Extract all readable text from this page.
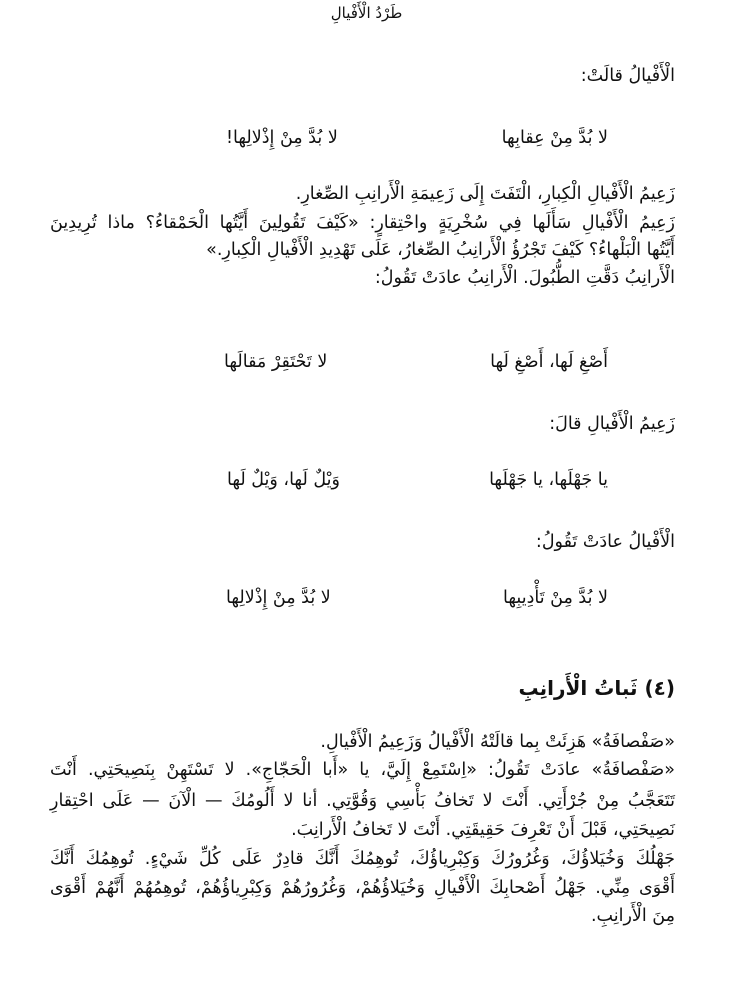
طَرْدُ الْأَفْيالِ
الْأَفْيالُ قالَتْ:
لا بُدَّ مِنْ عِقابِها
لا بُدَّ مِنْ إِذْلالِها!
زَعِيمُ الْأَفْيالِ الْكِبارِ، الْتَفَتَ إِلَى زَعِيمَةِ الْأَرانِبِ الصِّغارِ.
زَعِيمُ الْأَفْيالِ سَأَلَها فِي سُخْرِيَةٍ واحْتِقارٍ: «كَيْفَ تَقُولِينَ أَيَّتُها الْحَمْقاءُ؟ ماذا تُرِيدِينَ
أَيَّتُها الْبَلْهاءُ؟ كَيْفَ تَجْرُؤُ الْأَرانِبُ الصِّغارُ، عَلَى تَهْدِيدِ الْأَفْيالِ الْكِبارِ.»
الْأَرانِبُ دَقَّتِ الطُّبُولَ. الْأَرانِبُ عادَتْ تَقُولُ:
أَصْغِ لَها، أَصْغِ لَها
لا تَحْتَقِرْ مَقالَها
زَعِيمُ الْأَفْيالِ قالَ:
يا جَهْلَها، يا جَهْلَها
وَيْلٌ لَها، وَيْلٌ لَها
الْأَفْيالُ عادَتْ تَقُولُ:
لا بُدَّ مِنْ تَأْدِيبِها
لا بُدَّ مِنْ إِذْلالِها
(٤) ثَباتُ الْأَرانِبِ
«صَفْصافَةُ» هَزِئَتْ بِما قالَتْهُ الْأَفْيالُ وَزَعِيمُ الْأَفْيالِ.
«صَفْصافَةُ» عادَتْ تَقُولُ: «اِسْتَمِعْ إِلَيَّ، يا «أَبا الْحَجّاجِ». لا تَسْتَهِنْ بِنَصِيحَتِي. أَنْتَ
تَتَعَجَّبُ مِنْ جُرْأَتِي. أَنْتَ لا تَخافُ بَأْسِي وَقُوَّتِي. أنا لا أَلُومُكَ — الْآنَ — عَلَى احْتِقارِ
نَصِيحَتِي، قَبْلَ أَنْ تَعْرِفَ حَقِيقَتِي. أَنْتَ لا تَخافُ الْأَرانِبَ.
جَهْلُكَ وَخُيَلاؤُكَ، وَغُرُورُكَ وَكِبْرِياؤُكَ، تُوهِمُكَ أَنَّكَ قادِرٌ عَلَى كُلِّ شَيْءٍ. تُوهِمُكَ أَنَّكَ
أَقْوَى مِنِّي. جَهْلُ أَصْحابِكَ الْأَفْيالِ وَخُيَلاؤُهُمْ، وَغُرُورُهُمْ وَكِبْرِياؤُهُمْ، تُوهِمُهُمْ أَنَّهُمْ أَقْوَى
مِنَ الْأَرانِبِ.
